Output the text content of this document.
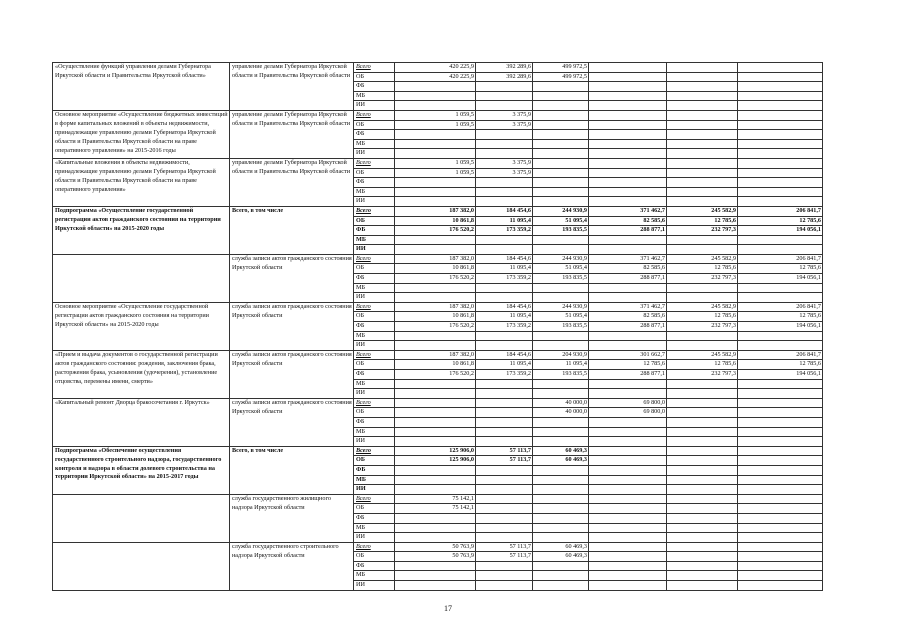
«Осуществление функций управления делами Губернатора Иркутской области и Правительства Иркутской области»	управление делами Губернатора Иркутской области и Правительства Иркутской области	Всего	420 225,9	392 289,6	499 972,5			
		ОБ	420 225,9	392 289,6	499 972,5			
		ФБ						
		МБ						
		ИИ						
Основное мероприятие «Осуществление бюджетных инвестиций в форме капитальных вложений в объекты недвижимости, принадлежащие управлению делами Губернатора Иркутской области и Правительства Иркутской области на праве оперативного управления» на 2015-2016 годы	управление делами Губернатора Иркутской области и Правительства Иркутской области	Всего	1 059,5	3 375,9				
		ОБ	1 059,5	3 375,9				
		ФБ						
		МБ						
		ИИ						
«Капитальные вложения в объекты недвижимости, принадлежащие управлению делами Губернатора Иркутской области и Правительства Иркутской области на праве оперативного управления»	управление делами Губернатора Иркутской области и Правительства Иркутской области	Всего	1 059,5	3 375,9				
		ОБ	1 059,5	3 375,9				
		ФБ						
		МБ						
		ИИ						
Подпрограмма «Осуществление государственной регистрации актов гражданского состояния на территории Иркутской области» на 2015-2020 годы	Всего, в том числе	Всего	187 382,0	184 454,6	244 930,9	371 462,7	245 582,9	206 841,7
		ОБ	10 861,8	11 095,4	51 095,4	82 585,6	12 785,6	12 785,6
		ФБ	176 520,2	173 359,2	193 835,5	288 877,1	232 797,3	194 056,1
		МБ						
		ИИ						
	служба записи актов гражданского состояния Иркутской области	Всего	187 382,0	184 454,6	244 930,9	371 462,7	245 582,9	206 841,7
		ОБ	10 861,8	11 095,4	51 095,4	82 585,6	12 785,6	12 785,6
		ФБ	176 520,2	173 359,2	193 835,5	288 877,1	232 797,3	194 056,1
		МБ						
		ИИ						
Основное мероприятие «Осуществление государственной регистрации актов гражданского состояния на территории Иркутской области» на 2015-2020 годы	служба записи актов гражданского состояния Иркутской области	Всего	187 382,0	184 454,6	244 930,9	371 462,7	245 582,9	206 841,7
		ОБ	10 861,8	11 095,4	51 095,4	82 585,6	12 785,6	12 785,6
		ФБ	176 520,2	173 359,2	193 835,5	288 877,1	232 797,3	194 056,1
		МБ						
		ИИ						
«Прием и выдача документов о государственной регистрации актов гражданского состояния: рождения, заключения брака, расторжения брака, усыновления (удочерения), установление отцовства, перемены имени, смерти»	служба записи актов гражданского состояния Иркутской области	Всего	187 382,0	184 454,6	204 930,9	301 662,7	245 582,9	206 841,7
		ОБ	10 861,8	11 095,4	11 095,4	12 785,6	12 785,6	12 785,6
		ФБ	176 520,2	173 359,2	193 835,5	288 877,1	232 797,3	194 056,1
		МБ						
		ИИ						
«Капитальный ремонт Дворца бракосочетания г. Иркутск»	служба записи актов гражданского состояния Иркутской области	Всего			40 000,0	69 800,0		
		ОБ			40 000,0	69 800,0		
		ФБ						
		МБ						
		ИИ						
Подпрограмма «Обеспечение осуществления государственного строительного надзора, государственного контроля и надзора в области долевого строительства на территории Иркутской области» на 2015-2017 годы	Всего, в том числе	Всего	125 906,0	57 113,7	60 469,3			
		ОБ	125 906,0	57 113,7	60 469,3			
		ФБ						
		МБ						
		ИИ						
	служба государственного жилищного надзора Иркутской области	Всего	75 142,1					
		ОБ	75 142,1					
		ФБ						
		МБ						
		ИИ						
	служба государственного строительного надзора Иркутской области	Всего	50 763,9	57 113,7	60 469,3			
		ОБ	50 763,9	57 113,7	60 469,3			
		ФБ						
		МБ						
		ИИ						
17
